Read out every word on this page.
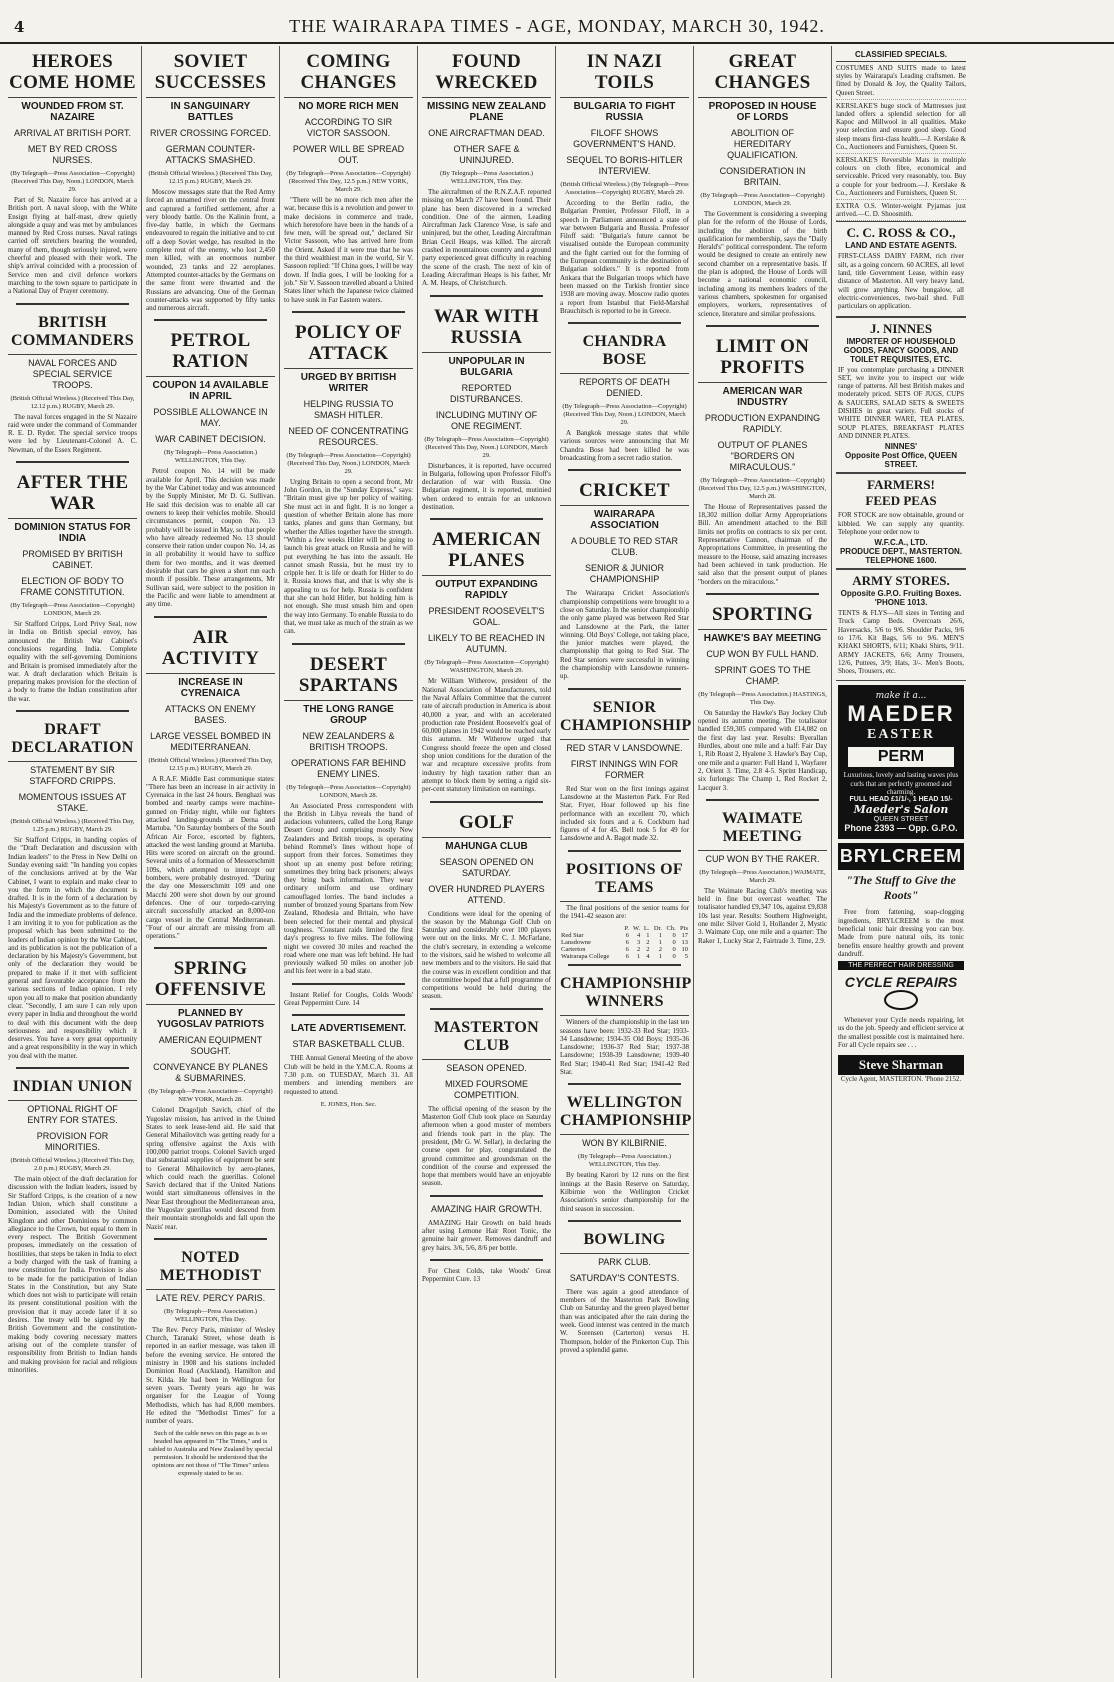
4	THE WAIRARAPA TIMES - AGE, MONDAY, MARCH 30, 1942.
HEROES COME HOME
WOUNDED FROM ST. NAZAIRE
ARRIVAL AT BRITISH PORT.
MET BY RED CROSS NURSES.
(By Telegraph—Press Association—Copyright) (Received This Day, Noon.) LONDON, March 29.
Part of St. Nazaire force has arrived at a British port. A naval sloop, with the White Ensign flying at half-mast, drew quietly alongside a quay and was met by ambulances manned by Red Cross nurses. Naval ratings carried off stretchers bearing the wounded, many of them, though seriously injured, were cheerful and pleased with their work. The ship's arrival coincided with a procession of Service men and civil defence workers marching to the town square to participate in a National Day of Prayer ceremony.
BRITISH COMMANDERS
NAVAL FORCES AND SPECIAL SERVICE TROOPS.
(British Official Wireless.) (Received This Day, 12.12 p.m.) RUGBY, March 29.
The naval forces engaged in the St Nazaire raid were under the command of Commander R. E. D. Ryder. The special service troops were led by Lieutenant-Colonel A. C. Newman, of the Essex Regiment.
AFTER THE WAR
DOMINION STATUS FOR INDIA
PROMISED BY BRITISH CABINET.
ELECTION OF BODY TO FRAME CONSTITUTION.
(By Telegraph—Press Association—Copyright) LONDON, March 29.
Sir Stafford Cripps, Lord Privy Seal, now in India on British special envoy, has announced the British War Cabinet's conclusions regarding India. Complete equality with the self-governing Dominions and Britain is promised immediately after the war. A draft declaration which Britain is preparing makes provision for the election of a body to frame the Indian constitution after the war.
DRAFT DECLARATION
STATEMENT BY SIR STAFFORD CRIPPS.
MOMENTOUS ISSUES AT STAKE.
(British Official Wireless.) (Received This Day, 1.25 p.m.) RUGBY, March 29.
Sir Stafford Cripps, in handing copies of the "Draft Declaration and discussion with Indian leaders" to the Press in New Delhi on Sunday evening said: "In handing you copies of the conclusions arrived at by the War Cabinet, I want to explain and make clear to you the form in which the document is drafted. It is in the form of a declaration by his Majesty's Government as to the future of India and the immediate problems of defence. I am inviting it to you for publication as the proposal which has been submitted to the leaders of Indian opinion by the War Cabinet, and its publication is not the publication of a declaration by his Majesty's Government, but only of the declaration they would be prepared to make if it met with sufficient general and favourable acceptance from the various sections of Indian opinion. I rely upon you all to make that position abundantly clear. "Secondly, I am sure I can rely upon every paper in India and throughout the world to deal with this document with the deep seriousness and responsibility which it deserves. You have a very great opportunity and a great responsibility in the way in which you deal with the matter.
INDIAN UNION
OPTIONAL RIGHT OF ENTRY FOR STATES.
PROVISION FOR MINORITIES.
(British Official Wireless.) (Received This Day, 2.0 p.m.) RUGBY, March 29.
The main object of the draft declaration for discussion with the Indian leaders, issued by Sir Stafford Cripps, is the creation of a new Indian Union, which shall constitute a Dominion, associated with the United Kingdom and other Dominions by common allegiance to the Crown, but equal to them in every respect. The British Government proposes, immediately on the cessation of hostilities, that steps be taken in India to elect a body charged with the task of framing a new constitution for India. Provision is also to be made for the participation of Indian States in the Constitution, but any State which does not wish to participate will retain its present constitutional position with the provision that it may accede later if it so desires. The treaty will be signed by the British Government and the constitution-making body covering necessary matters arising out of the complete transfer of responsibility from British to Indian hands and making provision for racial and religious minorities.
SOVIET SUCCESSES
IN SANGUINARY BATTLES
RIVER CROSSING FORCED.
GERMAN COUNTER-ATTACKS SMASHED.
(British Official Wireless.) (Received This Day, 12.15 p.m.) RUGBY, March 29.
Moscow messages state that the Red Army forced an unnamed river on the central front and captured a fortified settlement, after a very bloody battle. On the Kalinin front, a five-day battle, in which the Germans endeavoured to regain the initiative and to cut off a deep Soviet wedge, has resulted in the complete rout of the enemy, who lost 2,450 men killed, with an enormous number wounded, 23 tanks and 22 aeroplanes. Attempted counter-attacks by the Germans on the same front were thwarted and the Russians are advancing. One of the German counter-attacks was supported by fifty tanks and numerous aircraft.
PETROL RATION
COUPON 14 AVAILABLE IN APRIL
POSSIBLE ALLOWANCE IN MAY.
WAR CABINET DECISION.
(By Telegraph—Press Association.) WELLINGTON, This Day.
Petrol coupon No. 14 will be made available for April. This decision was made by the War Cabinet today and was announced by the Supply Minister, Mr D. G. Sullivan. He said this decision was to enable all car owners to keep their vehicles mobile. Should circumstances permit, coupon No. 13 probably will be issued in May, so that people who have already redeemed No. 13 should conserve their ration under coupon No. 14, as in all probability it would have to suffice them for two months, and it was deemed desirable that cars be given a short run each month if possible. These arrangements, Mr Sullivan said, were subject to the position in the Pacific and were liable to amendment at any time.
AIR ACTIVITY
INCREASE IN CYRENAICA
ATTACKS ON ENEMY BASES.
LARGE VESSEL BOMBED IN MEDITERRANEAN.
(British Official Wireless.) (Received This Day, 12.15 p.m.) RUGBY, March 29.
A R.A.F. Middle East communique states: "There has been an increase in air activity in Cyrenaica in the last 24 hours. Benghazi was bombed and nearby camps were machine-gunned on Friday night, while our fighters attacked landing-grounds at Derna and Martuba. "On Saturday bombers of the South African Air Force, escorted by fighters, attacked the west landing ground at Martuba. Hits were scored on aircraft on the ground. Several units of a formation of Messerschmitt 109s, which attempted to intercept our bombers, were probably destroyed. "During the day one Messerschmitt 109 and one Macchi 200 were shot down by our ground defences. One of our torpedo-carrying aircraft successfully attacked an 8,000-ton cargo vessel in the Central Mediterranean. "Four of our aircraft are missing from all operations."
SPRING OFFENSIVE
PLANNED BY YUGOSLAV PATRIOTS
AMERICAN EQUIPMENT SOUGHT.
CONVEYANCE BY PLANES & SUBMARINES.
(By Telegraph—Press Association—Copyright) NEW YORK, March 28.
Colonel Dragoljub Savich, chief of the Yugoslav mission, has arrived in the United States to seek lease-lend aid. He said that General Mihailovitch was getting ready for a spring offensive against the Axis with 100,000 patriot troops. Colonel Savich urged that substantial supplies of equipment be sent to General Mihailovitch by aero-planes, which could reach the guerillas. Colonel Savich declared that if the United Nations would start simultaneous offensives in the Near East throughout the Mediterranean area, the Yugoslav guerillas would descend from their mountain strongholds and fall upon the Nazis' rear.
NOTED METHODIST
LATE REV. PERCY PARIS.
(By Telegraph—Press Association.) WELLINGTON, This Day.
The Rev. Percy Paris, minister of Wesley Church, Taranaki Street, whose death is reported in an earlier message, was taken ill before the evening service. He entered the ministry in 1908 and his stations included Dominion Road (Auckland), Hamilton and St. Kilda. He had been in Wellington for seven years. Twenty years ago he was organiser for the League of Young Methodists, which has had 8,000 members. He edited the "Methodist Times" for a number of years.
Such of the cable news on this page as is so headed has appeared in "The Times," and is cabled to Australia and New Zealand by special permission. It should be understood that the opinions are not those of "The Times" unless expressly stated to be so.
COMING CHANGES
NO MORE RICH MEN
ACCORDING TO SIR VICTOR SASSOON.
POWER WILL BE SPREAD OUT.
(By Telegraph—Press Association—Copyright) (Received This Day, 12.5 p.m.) NEW YORK, March 29.
"There will be no more rich men after the war, because this is a revolution and power to make decisions in commerce and trade, which heretofore have been in the hands of a few men, will be spread out," declared Sir Victor Sassoon, who has arrived here from the Orient. Asked if it were true that he was the third wealthiest man in the world, Sir V. Sassoon replied: "If China goes, I will be way down. If India goes, I will be looking for a job." Sir V. Sassoon travelled aboard a United States liner which the Japanese twice claimed to have sunk in Far Eastern waters.
POLICY OF ATTACK
URGED BY BRITISH WRITER
HELPING RUSSIA TO SMASH HITLER.
NEED OF CONCENTRATING RESOURCES.
(By Telegraph—Press Association—Copyright) (Received This Day, Noon.) LONDON, March 29.
Urging Britain to open a second front, Mr John Gordon, in the "Sunday Express," says: "Britain must give up her policy of waiting. She must act in and fight. It is no longer a question of whether Britain alone has more tanks, planes and guns than Germany, but whether the Allies together have the strength. "Within a few weeks Hitler will be going to launch his great attack on Russia and he will put everything he has into the assault. He cannot smash Russia, but he must try to cripple her. It is life or death for Hitler to do it. Russia knows that, and that is why she is appealing to us for help. Russia is confident that she can hold Hitler, but holding him is not enough. She must smash him and open the way into Germany. To enable Russia to do that, we must take as much of the strain as we can.
DESERT SPARTANS
THE LONG RANGE GROUP
NEW ZEALANDERS & BRITISH TROOPS.
OPERATIONS FAR BEHIND ENEMY LINES.
(By Telegraph—Press Association—Copyright) LONDON, March 28.
An Associated Press correspondent with the British in Libya reveals the hand of audacious volunteers, called the Long Range Desert Group and comprising mostly New Zealanders and British troops, is operating behind Rommel's lines without hope of support from their forces. Sometimes they shoot up an enemy post before retiring; sometimes they bring back prisoners; always they bring back information. They wear ordinary uniform and use ordinary camouflaged lorries. The band includes a number of bronzed young Spartans from New Zealand, Rhodesia and Britain, who have been selected for their mental and physical toughness. "Constant raids limited the first day's progress to five miles. The following night we covered 30 miles and reached the road where one man was left behind. He had previously walked 50 miles on another job and his feet were in a bad state.
Instant Relief for Coughs, Colds Woods' Great Peppermint Cure. 14
LATE ADVERTISEMENT.
STAR BASKETBALL CLUB.
THE Annual General Meeting of the above Club will be held in the Y.M.C.A. Rooms at 7.30 p.m. on TUESDAY, March 31. All members and intending members are requested to attend.
E. JONES, Hon. Sec.
FOUND WRECKED
MISSING NEW ZEALAND PLANE
ONE AIRCRAFTMAN DEAD.
OTHER SAFE & UNINJURED.
(By Telegraph—Press Association.) WELLINGTON, This Day.
The aircraftmen of the R.N.Z.A.F. reported missing on March 27 have been found. Their plane has been discovered in a wrecked condition. One of the airmen, Leading Aircraftman Jack Clarence Vose, is safe and uninjured, but the other, Leading Aircraftman Brian Cecil Heaps, was killed. The aircraft crashed in mountainous country and a ground party experienced great difficulty in reaching the scene of the crash. The next of kin of Leading Aircraftman Heaps is his father, Mr A. M. Heaps, of Christchurch.
WAR WITH RUSSIA
UNPOPULAR IN BULGARIA
REPORTED DISTURBANCES.
INCLUDING MUTINY OF ONE REGIMENT.
(By Telegraph—Press Association—Copyright) (Received This Day, Noon.) LONDON, March 29.
Disturbances, it is reported, have occurred in Bulgaria, following upon Professor Filoff's declaration of war with Russia. One Bulgarian regiment, it is reported, mutinied when ordered to entrain for an unknown destination.
AMERICAN PLANES
OUTPUT EXPANDING RAPIDLY
PRESIDENT ROOSEVELT'S GOAL.
LIKELY TO BE REACHED IN AUTUMN.
(By Telegraph—Press Association—Copyright) WASHINGTON, March 29.
Mr William Witherow, president of the National Association of Manufacturers, told the Naval Affairs Committee that the current rate of aircraft production in America is about 40,000 a year, and with an accelerated production rate President Roosevelt's goal of 60,000 planes in 1942 would be reached early this autumn. Mr Witherow urged that Congress should freeze the open and closed shop union conditions for the duration of the war and recapture excessive profits from industry by high taxation rather than an attempt to block them by setting a rigid six-per-cent statutory limitation on earnings.
GOLF
MAHUNGA CLUB
SEASON OPENED ON SATURDAY.
OVER HUNDRED PLAYERS ATTEND.
Conditions were ideal for the opening of the season by the Mahunga Golf Club on Saturday and considerably over 100 players were out on the links. Mr C. J. McFarlane, the club's secretary, in extending a welcome to the visitors, said he wished to welcome all new members and to the visitors. He said that the course was in excellent condition and that the committee hoped that a full programme of competitions would be held during the season.
MASTERTON CLUB
SEASON OPENED.
MIXED FOURSOME COMPETITION.
The official opening of the season by the Masterton Golf Club took place on Saturday afternoon when a good muster of members and friends took part in the play. The president, (Mr G. W. Sellar), in declaring the course open for play, congratulated the ground committee and groundsman on the condition of the course and expressed the hope that members would have an enjoyable season.
AMAZING HAIR GROWTH.
AMAZING Hair Growth on bald heads after using Lemone Hair Root Tonic, the genuine hair grower. Removes dandruff and grey hairs. 3/6, 5/6, 8/6 per bottle.
For Chest Colds, take Woods' Great Peppermint Cure. 13
IN NAZI TOILS
BULGARIA TO FIGHT RUSSIA
FILOFF SHOWS GOVERNMENT'S HAND.
SEQUEL TO BORIS-HITLER INTERVIEW.
(British Official Wireless.) (By Telegraph—Press Association—Copyright) RUGBY, March 29.
According to the Berlin radio, the Bulgarian Premier, Professor Filoff, in a speech in Parliament announced a state of war between Bulgaria and Russia. Professor Filoff said: "Bulgaria's future cannot be visualised outside the European community and the fight carried out for the forming of the European community is the destination of Bulgarian soldiers." It is reported from Ankara that the Bulgarian troops which have been massed on the Turkish frontier since 1938 are moving away. Moscow radio quotes a report from Istanbul that Field-Marshal Brauchitsch is reported to be in Greece.
CHANDRA BOSE
REPORTS OF DEATH DENIED.
(By Telegraph—Press Association—Copyright) (Received This Day, Noon.) LONDON, March 29.
A Bangkok message states that while various sources were announcing that Mr Chandra Bose had been killed he was broadcasting from a secret radio station.
CRICKET
WAIRARAPA ASSOCIATION
A DOUBLE TO RED STAR CLUB.
SENIOR & JUNIOR CHAMPIONSHIP
The Wairarapa Cricket Association's championship competitions were brought to a close on Saturday. In the senior championship the only game played was between Red Star and Lansdowne at the Park, the latter winning. Old Boys' College, not taking place, the junior matches were played, the championship that going to Red Star. The Red Star seniors were successful in winning the championship with Lansdowne runners-up.
SENIOR CHAMPIONSHIP
RED STAR V LANSDOWNE.
FIRST INNINGS WIN FOR FORMER
Red Star won on the first innings against Lansdowne at the Masterton Park. For Red Star, Fryer, Hoar followed up his fine performance with an excellent 70, which included six fours and a 6. Cockburn had figures of 4 for 45. Bell took 5 for 49 for Lansdowne and A. Bagot made 32.
POSITIONS OF TEAMS
The final positions of the senior teams for the 1941-42 season are:
	P.	W.	L.	Dr.	Ch.	Pts
Red Star	6	4	1	1	0	17
Lansdowne	6	3	2	1	0	13
Carterton	6	2	2	2	0	10
Wairarapa College	6	1	4	1	0	5
CHAMPIONSHIP WINNERS
Winners of the championship in the last ten seasons have been: 1932-33 Red Star; 1933-34 Lansdowne; 1934-35 Old Boys; 1935-36 Lansdowne; 1936-37 Red Star; 1937-38 Lansdowne; 1938-39 Lansdowne; 1939-40 Red Star; 1940-41 Red Star; 1941-42 Red Star.
WELLINGTON CHAMPIONSHIP
WON BY KILBIRNIE.
(By Telegraph—Press Association.) WELLINGTON, This Day.
By beating Karori by 12 runs on the first innings at the Basin Reserve on Saturday, Kilbirnie won the Wellington Cricket Association's senior championship for the third season in succession.
BOWLING
PARK CLUB.
SATURDAY'S CONTESTS.
There was again a good attendance of members of the Masterton Park Bowling Club on Saturday and the green played better than was anticipated after the rain during the week. Good interest was centred in the match W. Sorensen (Carterton) versus H. Thompson, holder of the Pinkerton Cup. This proved a splendid game.
GREAT CHANGES
PROPOSED IN HOUSE OF LORDS
ABOLITION OF HEREDITARY QUALIFICATION.
CONSIDERATION IN BRITAIN.
(By Telegraph—Press Association—Copyright) LONDON, March 29.
The Government is considering a sweeping plan for the reform of the House of Lords, including the abolition of the birth qualification for membership, says the "Daily Herald's" political correspondent. The reform would be designed to create an entirely new second chamber on a representative basis. If the plan is adopted, the House of Lords will become a national economic council, including among its members leaders of the various chambers, spokesmen for organised employers, workers, representatives of science, literature and similar professions.
LIMIT ON PROFITS
AMERICAN WAR INDUSTRY
PRODUCTION EXPANDING RAPIDLY.
OUTPUT OF PLANES "BORDERS ON MIRACULOUS."
(By Telegraph—Press Association—Copyright) (Received This Day, 12.5 p.m.) WASHINGTON, March 28.
The House of Representatives passed the 18,302 million dollar Army Appropriations Bill. An amendment attached to the Bill limits net profits on contracts to six per cent. Representative Cannon, chairman of the Appropriations Committee, in presenting the measure to the House, said amazing increases had been achieved in tank production. He said also that the present output of planes "borders on the miraculous."
SPORTING
HAWKE'S BAY MEETING
CUP WON BY FULL HAND.
SPRINT GOES TO THE CHAMP.
(By Telegraph—Press Association.) HASTINGS, This Day.
On Saturday the Hawke's Bay Jockey Club opened its autumn meeting. The totalisator handled £59,305 compared with £14,082 on the first day last year. Results: Byerallan Hurdles, about one mile and a half: Fair Day 1, Rib Roast 2, Hyalene 3. Hawke's Bay Cup, one mile and a quarter: Full Hand 1, Wayfarer 2, Orient 3. Time, 2.8 4-5. Sprint Handicap, six furlongs: The Champ 1, Red Rocket 2, Lacquer 3.
WAIMATE MEETING
CUP WON BY THE RAKER.
(By Telegraph—Press Association.) WAIMATE, March 29.
The Waimate Racing Club's meeting was held in fine but overcast weather. The totalisator handled £9,347 10s, against £9,838 10s last year. Results: Southern Highweight, one mile: Silver Gold 1, Hollander 2, Mystic 3. Waimate Cup, one mile and a quarter: The Raker 1, Lucky Star 2, Fairtrade 3. Time, 2.9.
CLASSIFIED SPECIALS.
COSTUMES AND SUITS made to latest styles by Wairarapa's Leading craftsmen. Be fitted by Donald & Joy, the Quality Tailors, Queen Street.
KERSLAKE'S huge stock of Mattresses just landed offers a splendid selection for all Kapoc and Millwool in all qualities. Make your selection and ensure good sleep. Good sleep means first-class health.—J. Kerslake & Co., Auctioneers and Furnishers, Queen St.
KERSLAKE'S Reversible Mats in multiple colours on cloth fibre, economical and serviceable. Priced very reasonably, too. Buy a couple for your bedroom.—J. Kerslake & Co., Auctioneers and Furnishers, Queen St.
EXTRA O.S. Winter-weight Pyjamas just arrived.—C. D. Shoosmith.
C. C. ROSS & CO.,
LAND AND ESTATE AGENTS.
FIRST-CLASS DAIRY FARM, rich river silt, as a going concern. 60 ACRES, all level land, title Government Lease, within easy distance of Masterton. All very heavy land, will grow anything. New bungalow, all electric-conveniences, two-bail shed. Full particulars on application.
J. NINNES
IMPORTER OF HOUSEHOLD GOODS, FANCY GOODS, AND TOILET REQUISITES, ETC.
IF you contemplate purchasing a DINNER SET, we invite you to inspect our wide range of patterns. All best British makes and moderately priced. SETS OF JUGS, CUPS & SAUCERS, SALAD SETS & SWEETS DISHES in great variety. Full stocks of WHITE DINNER WARE, TEA PLATES, SOUP PLATES, BREAKFAST PLATES AND DINNER PLATES.
NINNES'
Opposite Post Office, QUEEN STREET.
FARMERS!
FEED PEAS
FOR STOCK are now obtainable, ground or kibbled. We can supply any quantity. Telephone your order now to
W.F.C.A., LTD.
PRODUCE DEPT., MASTERTON. TELEPHONE 1600.
ARMY STORES.
Opposite G.P.O. Fruiting Boxes. 'PHONE 1013.
TENTS & FLYS—All sizes in Tenting and Truck Camp Beds. Overcoats 26/6, Haversacks, 5/6 to 9/6. Shoulder Packs, 9/6 to 17/6. Kit Bags, 5/6 to 9/6. MEN'S KHAKI SHORTS, 6/11; Khaki Shirts, 9/11. ARMY JACKETS, 6/6; Army Trousers, 12/6, Puttees, 3/9; Hats, 3/-. Men's Boots, Shoes, Trousers, etc.
make it a...
MAEDER
EASTER
PERM
Luxurious, lovely and lasting waves plus curls that are perfectly groomed and charming.
FULL HEAD £1/1/-, 1 HEAD 15/-
Maeder's Salon
QUEEN STREET
Phone 2393 — Opp. G.P.O.
BRYLCREEM
"The Stuff to Give the Roots"
Free from fattening, soap-clogging ingredients, BRYLCREEM is the most beneficial tonic hair dressing you can buy. Made from pure natural oils, its tonic benefits ensure healthy growth and prevent dandruff.
THE PERFECT HAIR DRESSING
CYCLE REPAIRS
Whenever your Cycle needs repairing, let us do the job. Speedy and efficient service at the smallest possible cost is maintained here. For all Cycle repairs see . . .
Steve Sharman
Cycle Agent, MASTERTON. 'Phone 2152.
